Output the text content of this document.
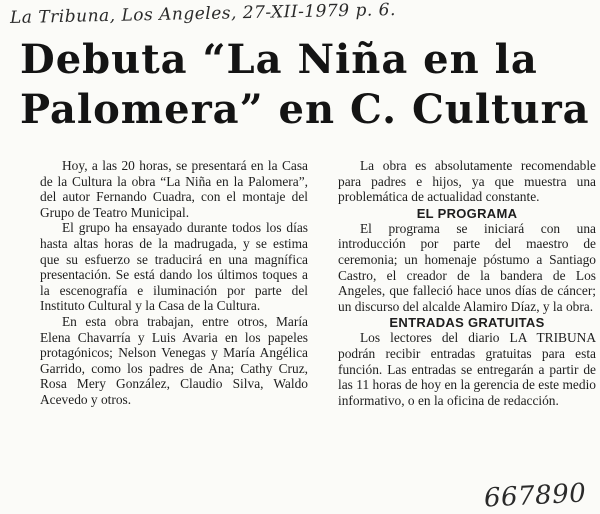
La Tribuna, Los Angeles, 27-XII-1979 p. 6.
Debuta “La Niña en la
Palomera” en C. Cultura

Hoy, a las 20 horas, se presentará en la Casa de la Cultura la obra “La Niña en la Palomera”, del autor Fernando Cuadra, con el montaje del Grupo de Teatro Municipal.

El grupo ha ensayado durante todos los días hasta altas horas de la madrugada, y se estima que su esfuerzo se traducirá en una magnífica presentación. Se está dando los últimos toques a la escenografía e iluminación por parte del Instituto Cultural y la Casa de la Cultura.

En esta obra trabajan, entre otros, María Elena Chavarría y Luis Avaria en los papeles protagónicos; Nelson Venegas y María Angélica Garrido, como los padres de Ana; Cathy Cruz, Rosa Mery González, Claudio Silva, Waldo Acevedo y otros.

La obra es absolutamente recomendable para padres e hijos, ya que muestra una problemática de actualidad constante.

EL PROGRAMA

El programa se iniciará con una introducción por parte del maestro de ceremonia; un homenaje póstumo a Santiago Castro, el creador de la bandera de Los Angeles, que falleció hace unos días de cáncer; un discurso del alcalde Alamiro Díaz, y la obra.

ENTRADAS GRATUITAS

Los lectores del diario LA TRIBUNA podrán recibir entradas gratuitas para esta función. Las entradas se entregarán a partir de las 11 horas de hoy en la gerencia de este medio informativo, o en la oficina de redacción.

667890
